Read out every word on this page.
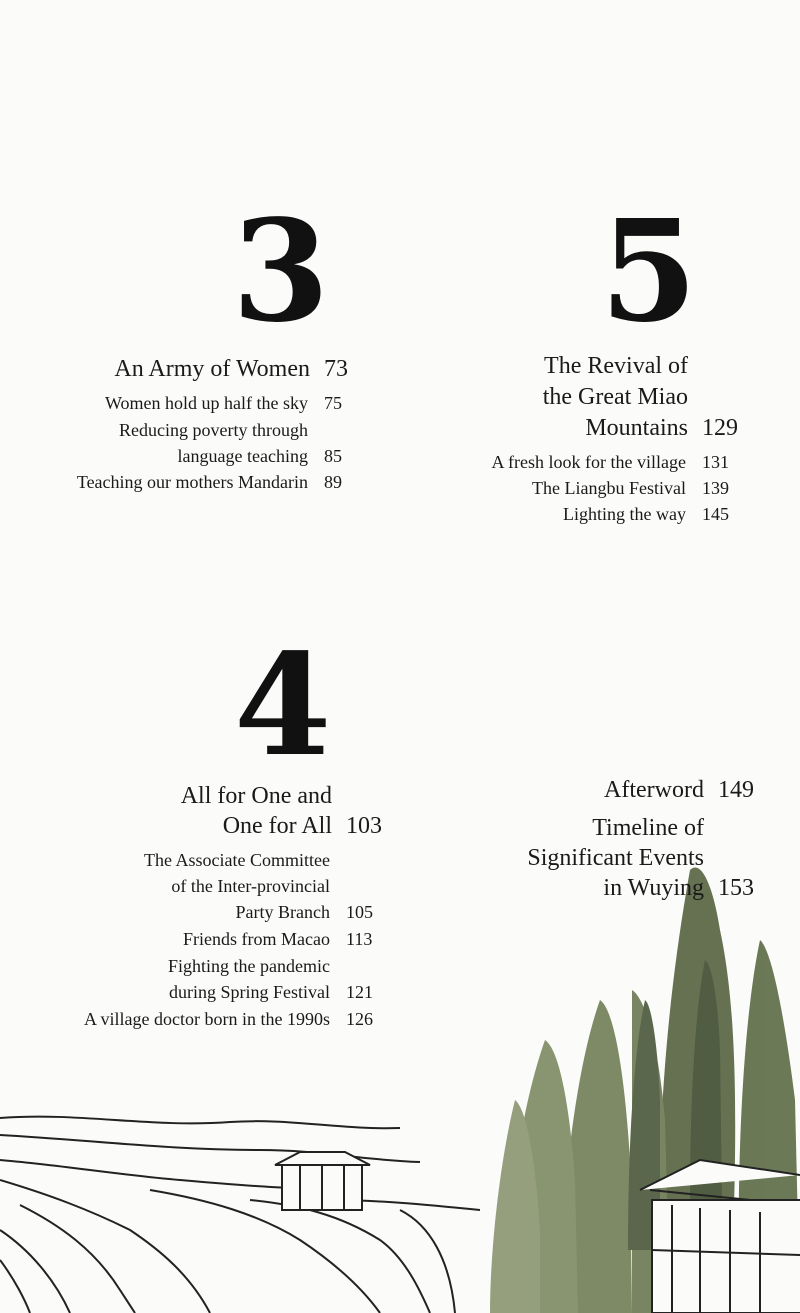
3
An Army of Women 73
Women hold up half the sky 75
Reducing poverty through
language teaching 85
Teaching our mothers Mandarin 89
5
The Revival of
the Great Miao
Mountains 129
A fresh look for the village 131
The Liangbu Festival 139
Lighting the way 145
4
All for One and
One for All 103
The Associate Committee
of the Inter-provincial
Party Branch 105
Friends from Macao 113
Fighting the pandemic
during Spring Festival 121
A village doctor born in the 1990s 126
Afterword 149
Timeline of
Significant Events
in Wuying 153
